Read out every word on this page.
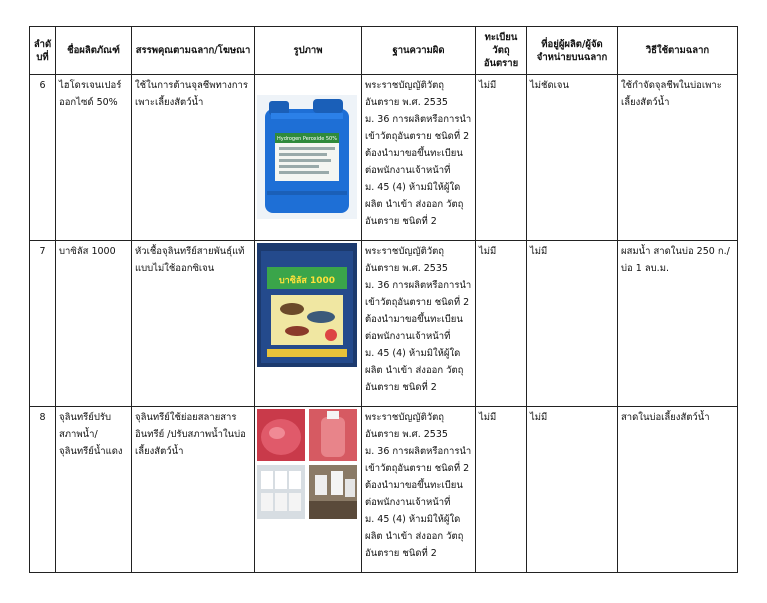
ลำดับที่	ชื่อผลิตภัณฑ์	สรรพคุณตามฉลาก/โฆษณา	รูปภาพ	ฐานความผิด	ทะเบียนวัตถุอันตราย	ที่อยู่ผู้ผลิต/ผู้จัดจำหน่ายบนฉลาก	วิธีใช้ตามฉลาก
6	ไฮโดรเจนเปอร์ออกไซด์ 50%	ใช้ในการต้านจุลชีพทางการเพาะเลี้ยงสัตว์น้ำ	Hydrogen Peroxide 50%	พระราชบัญญัติวัตถุอันตราย พ.ศ. 2535
ม. 36 การผลิตหรือการนำเข้าวัตถุอันตราย ชนิดที่ 2 ต้องนำมาขอขึ้นทะเบียนต่อพนักงานเจ้าหน้าที่
ม. 45 (4) ห้ามมิให้ผู้ใด ผลิต นำเข้า ส่งออก วัตถุอันตราย ชนิดที่ 2	ไม่มี	ไม่ชัดเจน	ใช้กำจัดจุลชีพในบ่อเพาะเลี้ยงสัตว์น้ำ
7	บาซิลัส 1000	หัวเชื้อจุลินทรีย์สายพันธุ์แท้ แบบไม่ใช้ออกซิเจน	บาซิลัส 1000	พระราชบัญญัติวัตถุอันตราย พ.ศ. 2535
ม. 36 การผลิตหรือการนำเข้าวัตถุอันตราย ชนิดที่ 2 ต้องนำมาขอขึ้นทะเบียนต่อพนักงานเจ้าหน้าที่
ม. 45 (4) ห้ามมิให้ผู้ใด ผลิต นำเข้า ส่งออก วัตถุอันตราย ชนิดที่ 2	ไม่มี	ไม่มี	ผสมน้ำ สาดในบ่อ 250 ก./บ่อ 1 ลบ.ม.
8	จุลินทรีย์ปรับสภาพน้ำ/ จุลินทรีย์น้ำแดง	จุลินทรีย์ใช้ย่อยสลายสารอินทรีย์ /ปรับสภาพน้ำในบ่อเลี้ยงสัตว์น้ำ		พระราชบัญญัติวัตถุอันตราย พ.ศ. 2535
ม. 36 การผลิตหรือการนำเข้าวัตถุอันตราย ชนิดที่ 2 ต้องนำมาขอขึ้นทะเบียนต่อพนักงานเจ้าหน้าที่
ม. 45 (4) ห้ามมิให้ผู้ใด ผลิต นำเข้า ส่งออก วัตถุอันตราย ชนิดที่ 2	ไม่มี	ไม่มี	สาดในบ่อเลี้ยงสัตว์น้ำ
